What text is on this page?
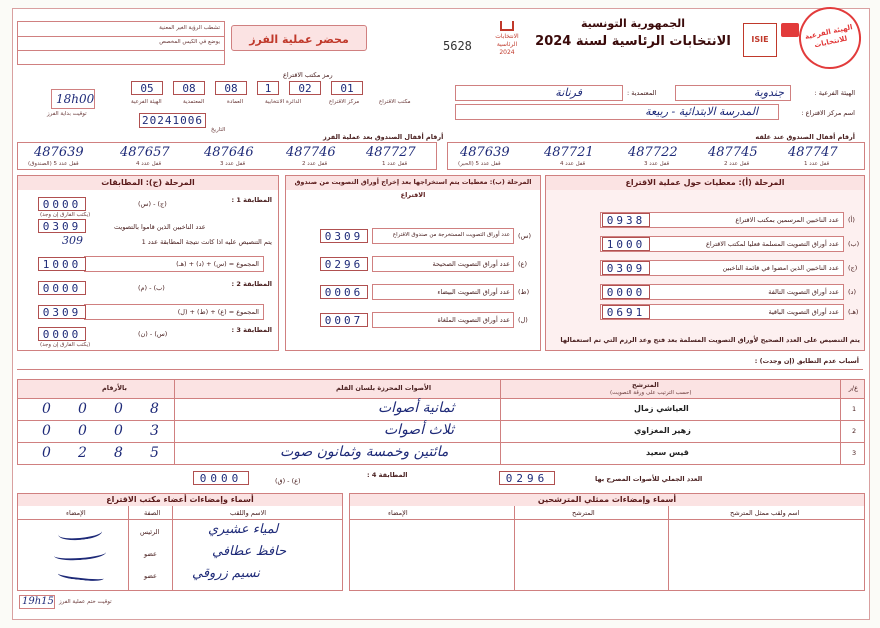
الهيئة الفرعية للانتخابات
ISIE
الجمهورية التونسية
الانتخابات الرئاسية لسنة 2024
الانتخابات الرئاسية 2024
5628
محضر عملية الفرز
تشطب الرؤية الغير المعنية
يوضع في الكيس المخصص
18h00
توقيت بداية الفرز
رمز مكتب الاقتراع
05	08	08	1	02	01
الهيئة الفرعية	المعتمدية	العمادة	الدائرة الانتخابية	مركز الاقتراع	مكتب الاقتراع
20241006
التاريخ
الهيئة الفرعية :
جندوبة
المعتمدية :
فرنانة
اسم مركز الاقتراع :
المدرسة الابتدائية - ربيعة
أرقام أقفال الصندوق عند غلقه
487639	487721	487722 487745 487747
قفل عدد 5 (الحبر)	قفل عدد 4	قفل عدد 3	قفل عدد 2	قفل عدد 1
أرقام أقفال الصندوق بعد عملية الفرز
487639	487657	487646 487746 487727
قفل عدد 5 (الصندوق)	قفل عدد 4	قفل عدد 3	قفل عدد 2	قفل عدد 1
المرحلة (أ): معطيات حول عملية الاقتراع
عدد الناخبين المرسمين بمكتب الاقتراع (أ)
0938
عدد أوراق التصويت المسلمة فعليا لمكتب الاقتراع (ب)
1000
عدد الناخبين الذين امضوا في قائمة الناخبين (ج)
0309
عدد أوراق التصويت التالفة (د)
0000
عدد أوراق التصويت الباقية (هـ)
0691
يتم التنصيص على العدد الصحيح لأوراق التصويت المسلمة بعد فتح وعد الرزم التي تم استعمالها
المرحلة (ب): معطيات يتم استخراجها بعد إخراج أوراق التصويت من صندوق الاقتراع
عدد أوراق التصويت المستخرجة من صندوق الاقتراع (س)
0309
عدد أوراق التصويت الصحيحة (ع)
0296
عدد أوراق التصويت البيضاء (ط)
0006
عدد أوراق التصويت الملغاة (ل)
0007
المرحلة (ج): المطابقات
المطابقة 1 :
(ج) - (س)
0000
(يكتب الفارق إن وجد)
عدد الناخبين الذين قاموا بالتصويت
0309
309	يتم التنصيص عليه اذا كانت نتيجة المطابقة عدد 1
المجموع = (س) + (د) + (هـ)
1000
المطابقة 2 :
(ب) - (م)
0000
المجموع = (ع) + (ط) + (ل)
0309
المطابقة 3 :
(س) - (ن)
0000
(يكتب الفارق إن وجد)
أسباب عدم التطابق (إن وجدت) :
ع/ر
المترشح
(حسب الترتيب على ورقة التصويت)
الأصوات المحرزة بلسان القلم
بالأرقام
1
العياشي زمال
ثمانية أصوات
0 0 0 8
2
زهير المغزاوي
ثلاث أصوات
0 0 0 3
3
قيس سعيد
مائتين وخمسة وثمانون صوت
0 2 8 5
العدد الجملي للأصوات المصرح بها
0296
المطابقة 4 :
(ع) - (ق)
0000
أسماء وإمضاءات ممثلي المترشحين
اسم ولقب ممثل المترشح
المترشح
الإمضاء
أسماء وإمضاءات أعضاء مكتب الاقتراع
الاسم واللقب
الصفة
الإمضاء
لمياء عشيري
الرئيس
حافظ عطافي
عضو
نسيم زروقي
عضو
19h15 توقيت ختم عملية الفرز
